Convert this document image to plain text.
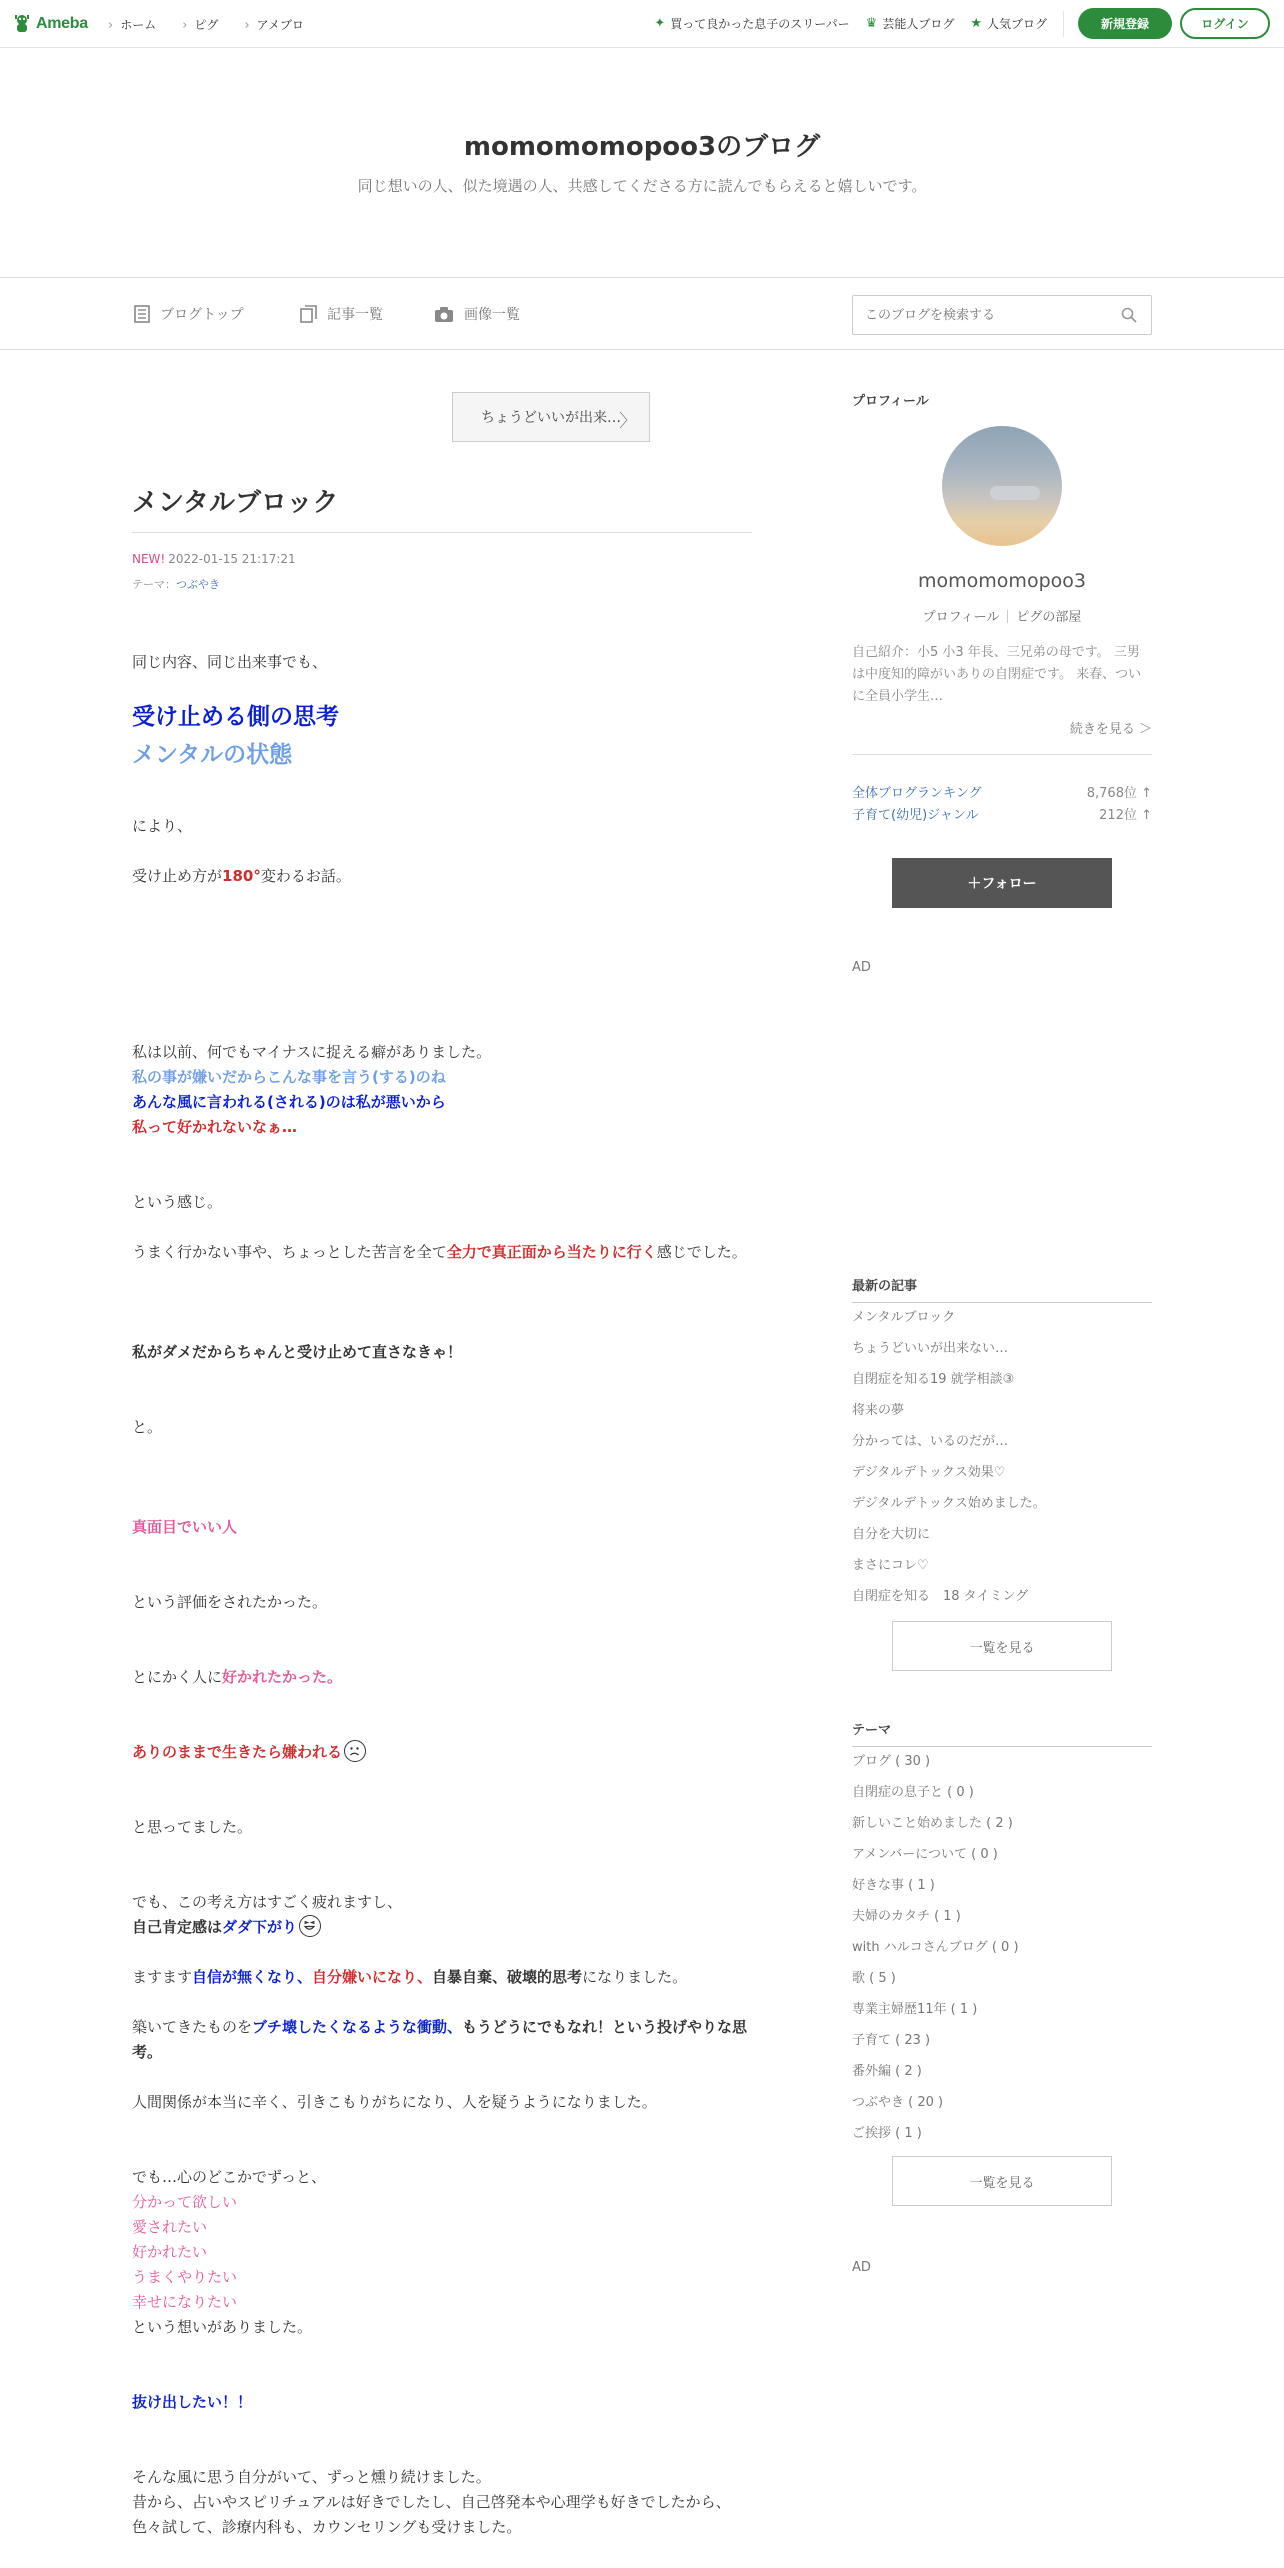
Ameba	› ホーム	› ピグ	› アメブロ	✦ 買って良かった息子のスリーパー ♛ 芸能人ブログ ★ 人気ブログ	新規登録	ログイン
momomomopoo3のブログ
同じ想いの人、似た境遇の人、共感してくださる方に読んでもらえると嬉しいです。
ブログトップ	記事一覧	画像一覧
このブログを検索する
ちょうどいいが出来…
〉
メンタルブロック
NEW! 2022-01-15 21:17:21
テーマ：つぶやき
同じ内容、同じ出来事でも、
受け止める側の思考
メンタルの状態
により、
受け止め方が180°変わるお話。
私は以前、何でもマイナスに捉える癖がありました。
私の事が嫌いだからこんな事を言う(する)のね
あんな風に言われる(される)のは私が悪いから
私って好かれないなぁ…
という感じ。
うまく行かない事や、ちょっとした苦言を全て全力で真正面から当たりに行く感じでした。
私がダメだからちゃんと受け止めて直さなきゃ！
と。
真面目でいい人
という評価をされたかった。
とにかく人に好かれたかった。
ありのままで生きたら嫌われる
と思ってました。
でも、この考え方はすごく疲れますし、
自己肯定感はダダ下がり
ますます自信が無くなり、自分嫌いになり、自暴自棄、破壊的思考になりました。
築いてきたものをブチ壊したくなるような衝動、もうどうにでもなれ！という投げやりな思考。
人間関係が本当に辛く、引きこもりがちになり、人を疑うようになりました。
でも…心のどこかでずっと、
分かって欲しい
愛されたい
好かれたい
うまくやりたい
幸せになりたい
という想いがありました。
抜け出したい！！
そんな風に思う自分がいて、ずっと燻り続けました。
昔から、占いやスピリチュアルは好きでしたし、自己啓発本や心理学も好きでしたから、色々試して、診療内科も、カウンセリングも受けました。
プロフィール
momomomopoo3
プロフィール ピグの部屋
自己紹介：小5 小3 年長、三兄弟の母です。 三男は中度知的障がいありの自閉症です。 来春、ついに全員小学生…
続きを見る ＞
全体ブログランキング	8,768位 ↑
子育て(幼児)ジャンル	212位 ↑
＋フォロー
AD
最新の記事
メンタルブロック
ちょうどいいが出来ない…
自閉症を知る19 就学相談③
将来の夢
分かっては、いるのだが…
デジタルデトックス効果♡
デジタルデトックス始めました。
自分を大切に
まさにコレ♡
自閉症を知る　18 タイミング
一覧を見る
テーマ
ブログ ( 30 )
自閉症の息子と ( 0 )
新しいこと始めました ( 2 )
アメンバーについて ( 0 )
好きな事 ( 1 )
夫婦のカタチ ( 1 )
with ハルコさんブログ ( 0 )
歌 ( 5 )
専業主婦歴11年 ( 1 )
子育て ( 23 )
番外編 ( 2 )
つぶやき ( 20 )
ご挨拶 ( 1 )
一覧を見る
AD
